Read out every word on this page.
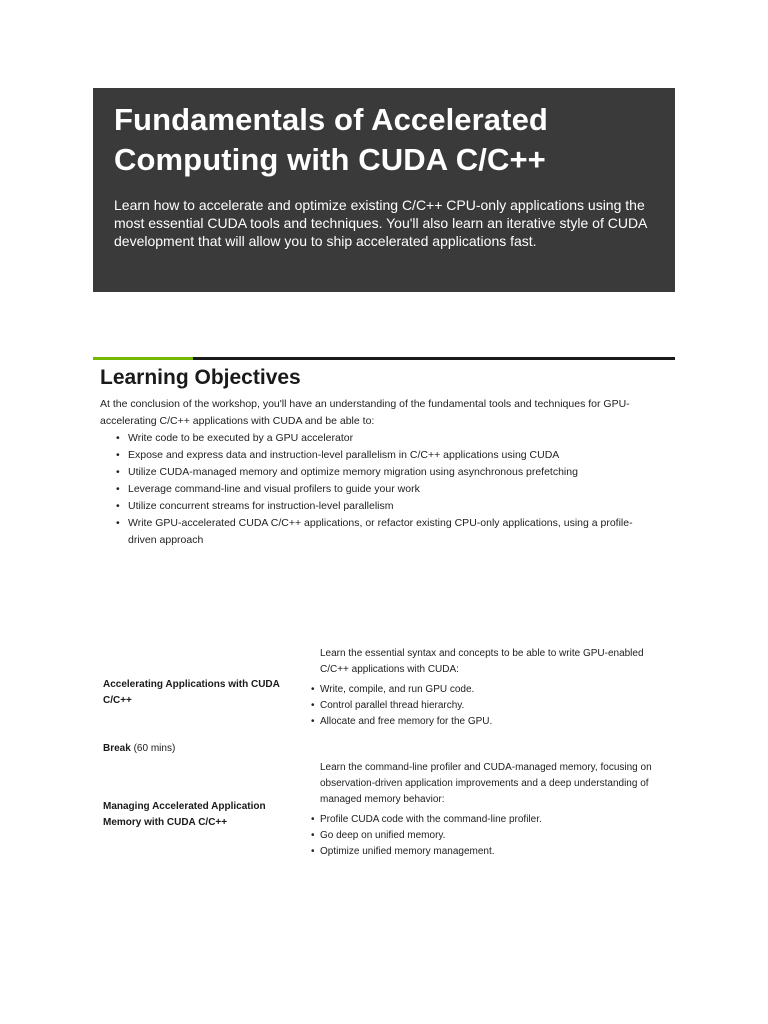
Fundamentals of Accelerated Computing with CUDA C/C++

Learn how to accelerate and optimize existing C/C++ CPU-only applications using the most essential CUDA tools and techniques. You'll also learn an iterative style of CUDA development that will allow you to ship accelerated applications fast.

Learning Objectives
At the conclusion of the workshop, you'll have an understanding of the fundamental tools and techniques for GPU-accelerating C/C++ applications with CUDA and be able to:
• Write code to be executed by a GPU accelerator
• Expose and express data and instruction-level parallelism in C/C++ applications using CUDA
• Utilize CUDA-managed memory and optimize memory migration using asynchronous prefetching
• Leverage command-line and visual profilers to guide your work
• Utilize concurrent streams for instruction-level parallelism
• Write GPU-accelerated CUDA C/C++ applications, or refactor existing CPU-only applications, using a profile-driven approach
Accelerating Applications with CUDA C/C++
Learn the essential syntax and concepts to be able to write GPU-enabled C/C++ applications with CUDA:
• Write, compile, and run GPU code.
• Control parallel thread hierarchy.
• Allocate and free memory for the GPU.
Break (60 mins)
Managing Accelerated Application Memory with CUDA C/C++
Learn the command-line profiler and CUDA-managed memory, focusing on observation-driven application improvements and a deep understanding of managed memory behavior:
• Profile CUDA code with the command-line profiler.
• Go deep on unified memory.
• Optimize unified memory management.
